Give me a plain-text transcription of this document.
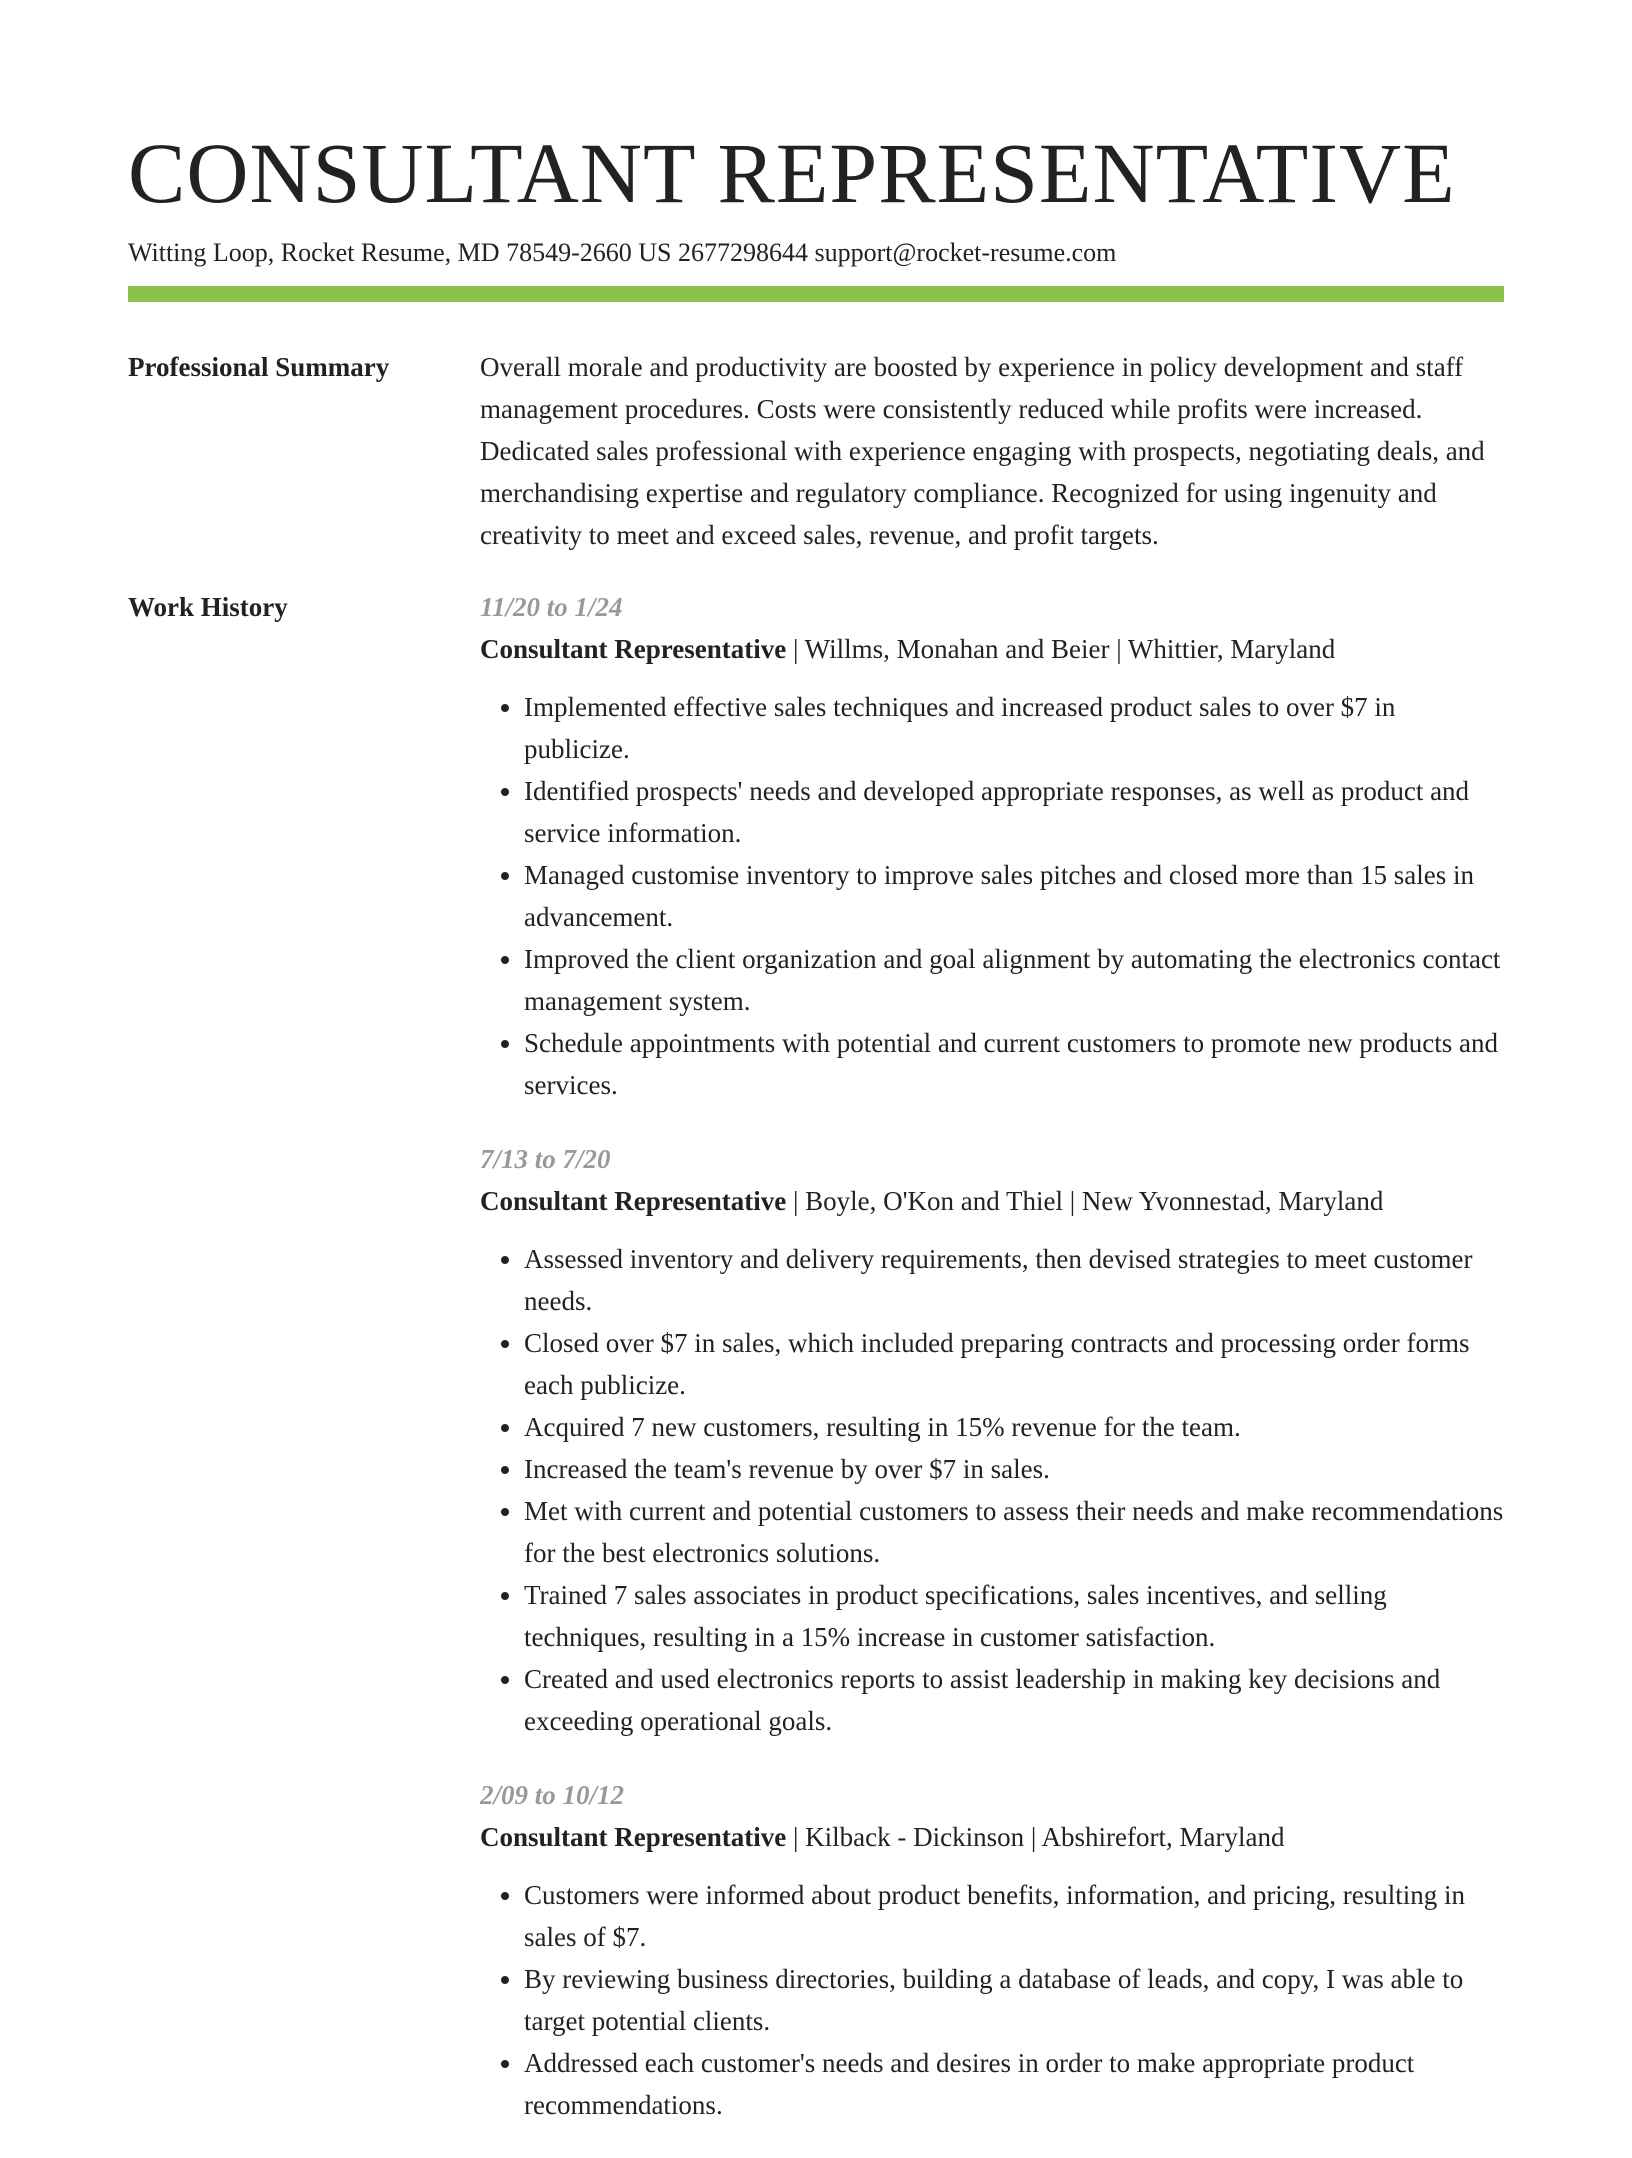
CONSULTANT REPRESENTATIVE
Witting Loop, Rocket Resume, MD 78549-2660 US 2677298644 support@rocket-resume.com
Professional Summary	Overall morale and productivity are boosted by experience in policy development and staff management procedures. Costs were consistently reduced while profits were increased. Dedicated sales professional with experience engaging with prospects, negotiating deals, and merchandising expertise and regulatory compliance. Recognized for using ingenuity and creativity to meet and exceed sales, revenue, and profit targets.

Work History	11/20 to 1/24
Consultant Representative | Willms, Monahan and Beier | Whittier, Maryland
• Implemented effective sales techniques and increased product sales to over $7 in publicize.
• Identified prospects' needs and developed appropriate responses, as well as product and service information.
• Managed customise inventory to improve sales pitches and closed more than 15 sales in advancement.
• Improved the client organization and goal alignment by automating the electronics contact management system.
• Schedule appointments with potential and current customers to promote new products and services.
7/13 to 7/20
Consultant Representative | Boyle, O'Kon and Thiel | New Yvonnestad, Maryland
• Assessed inventory and delivery requirements, then devised strategies to meet customer needs.
• Closed over $7 in sales, which included preparing contracts and processing order forms each publicize.
• Acquired 7 new customers, resulting in 15% revenue for the team.
• Increased the team's revenue by over $7 in sales.
• Met with current and potential customers to assess their needs and make recommendations for the best electronics solutions.
• Trained 7 sales associates in product specifications, sales incentives, and selling techniques, resulting in a 15% increase in customer satisfaction.
• Created and used electronics reports to assist leadership in making key decisions and exceeding operational goals.
2/09 to 10/12
Consultant Representative | Kilback - Dickinson | Abshirefort, Maryland
• Customers were informed about product benefits, information, and pricing, resulting in sales of $7.
• By reviewing business directories, building a database of leads, and copy, I was able to target potential clients.
• Addressed each customer's needs and desires in order to make appropriate product recommendations.
